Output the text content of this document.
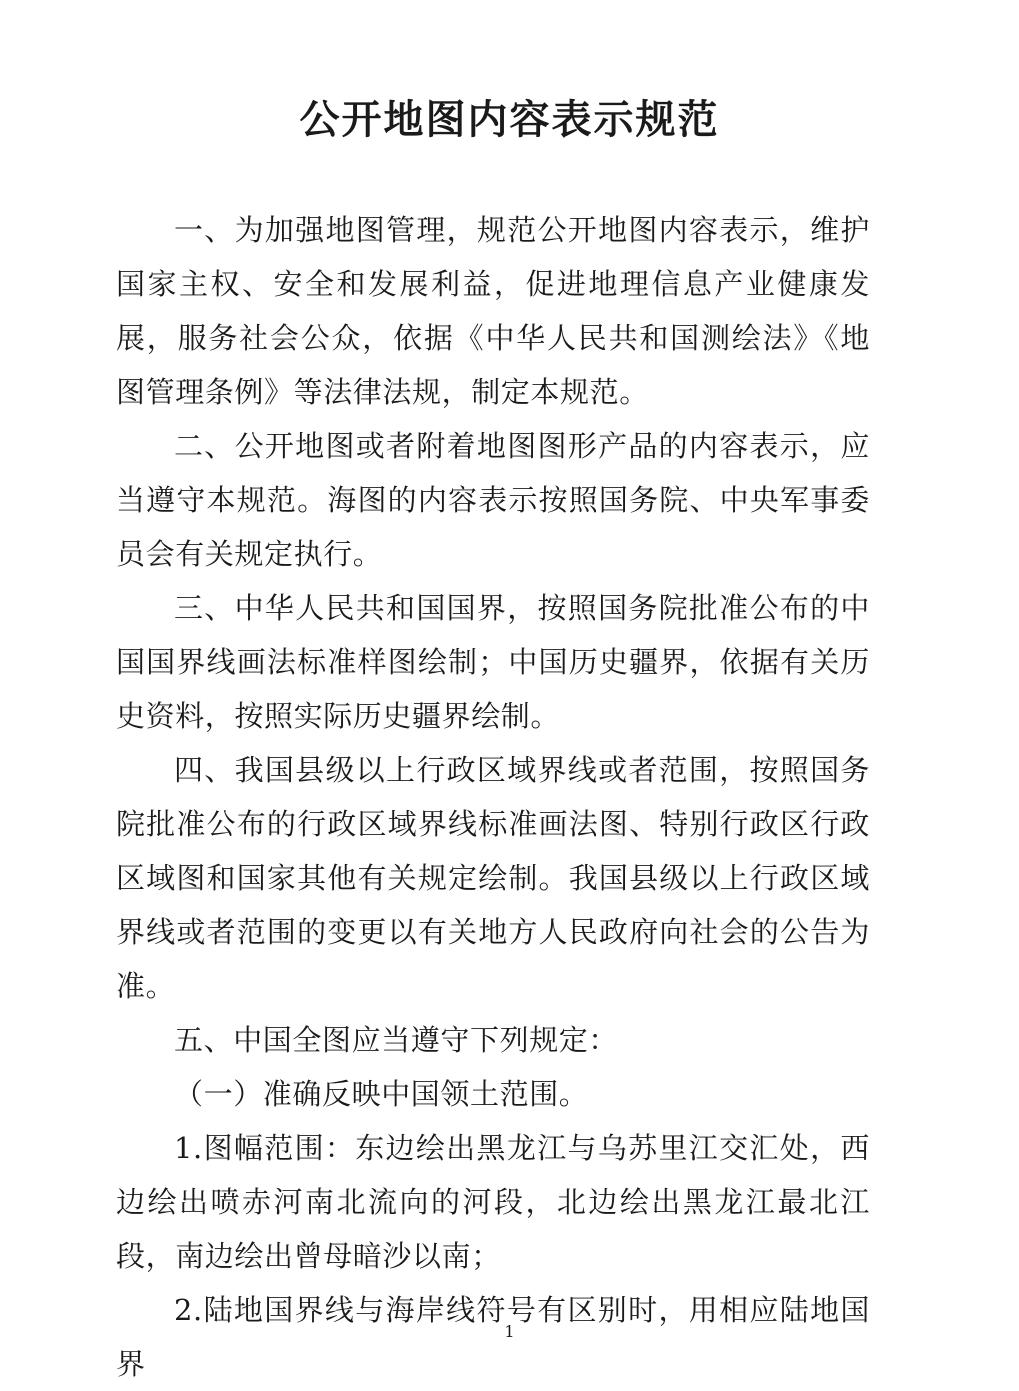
公开地图内容表示规范

一、为加强地图管理，规范公开地图内容表示，维护国家主权、安全和发展利益，促进地理信息产业健康发展，服务社会公众，依据《中华人民共和国测绘法》《地图管理条例》等法律法规，制定本规范。

二、公开地图或者附着地图图形产品的内容表示，应当遵守本规范。海图的内容表示按照国务院、中央军事委员会有关规定执行。

三、中华人民共和国国界，按照国务院批准公布的中国国界线画法标准样图绘制；中国历史疆界，依据有关历史资料，按照实际历史疆界绘制。

四、我国县级以上行政区域界线或者范围，按照国务院批准公布的行政区域界线标准画法图、特别行政区行政区域图和国家其他有关规定绘制。我国县级以上行政区域界线或者范围的变更以有关地方人民政府向社会的公告为准。

五、中国全图应当遵守下列规定：

（一）准确反映中国领土范围。

1.图幅范围：东边绘出黑龙江与乌苏里江交汇处，西边绘出喷赤河南北流向的河段，北边绘出黑龙江最北江段，南边绘出曾母暗沙以南；

2.陆地国界线与海岸线符号有区别时，用相应陆地国界

1
